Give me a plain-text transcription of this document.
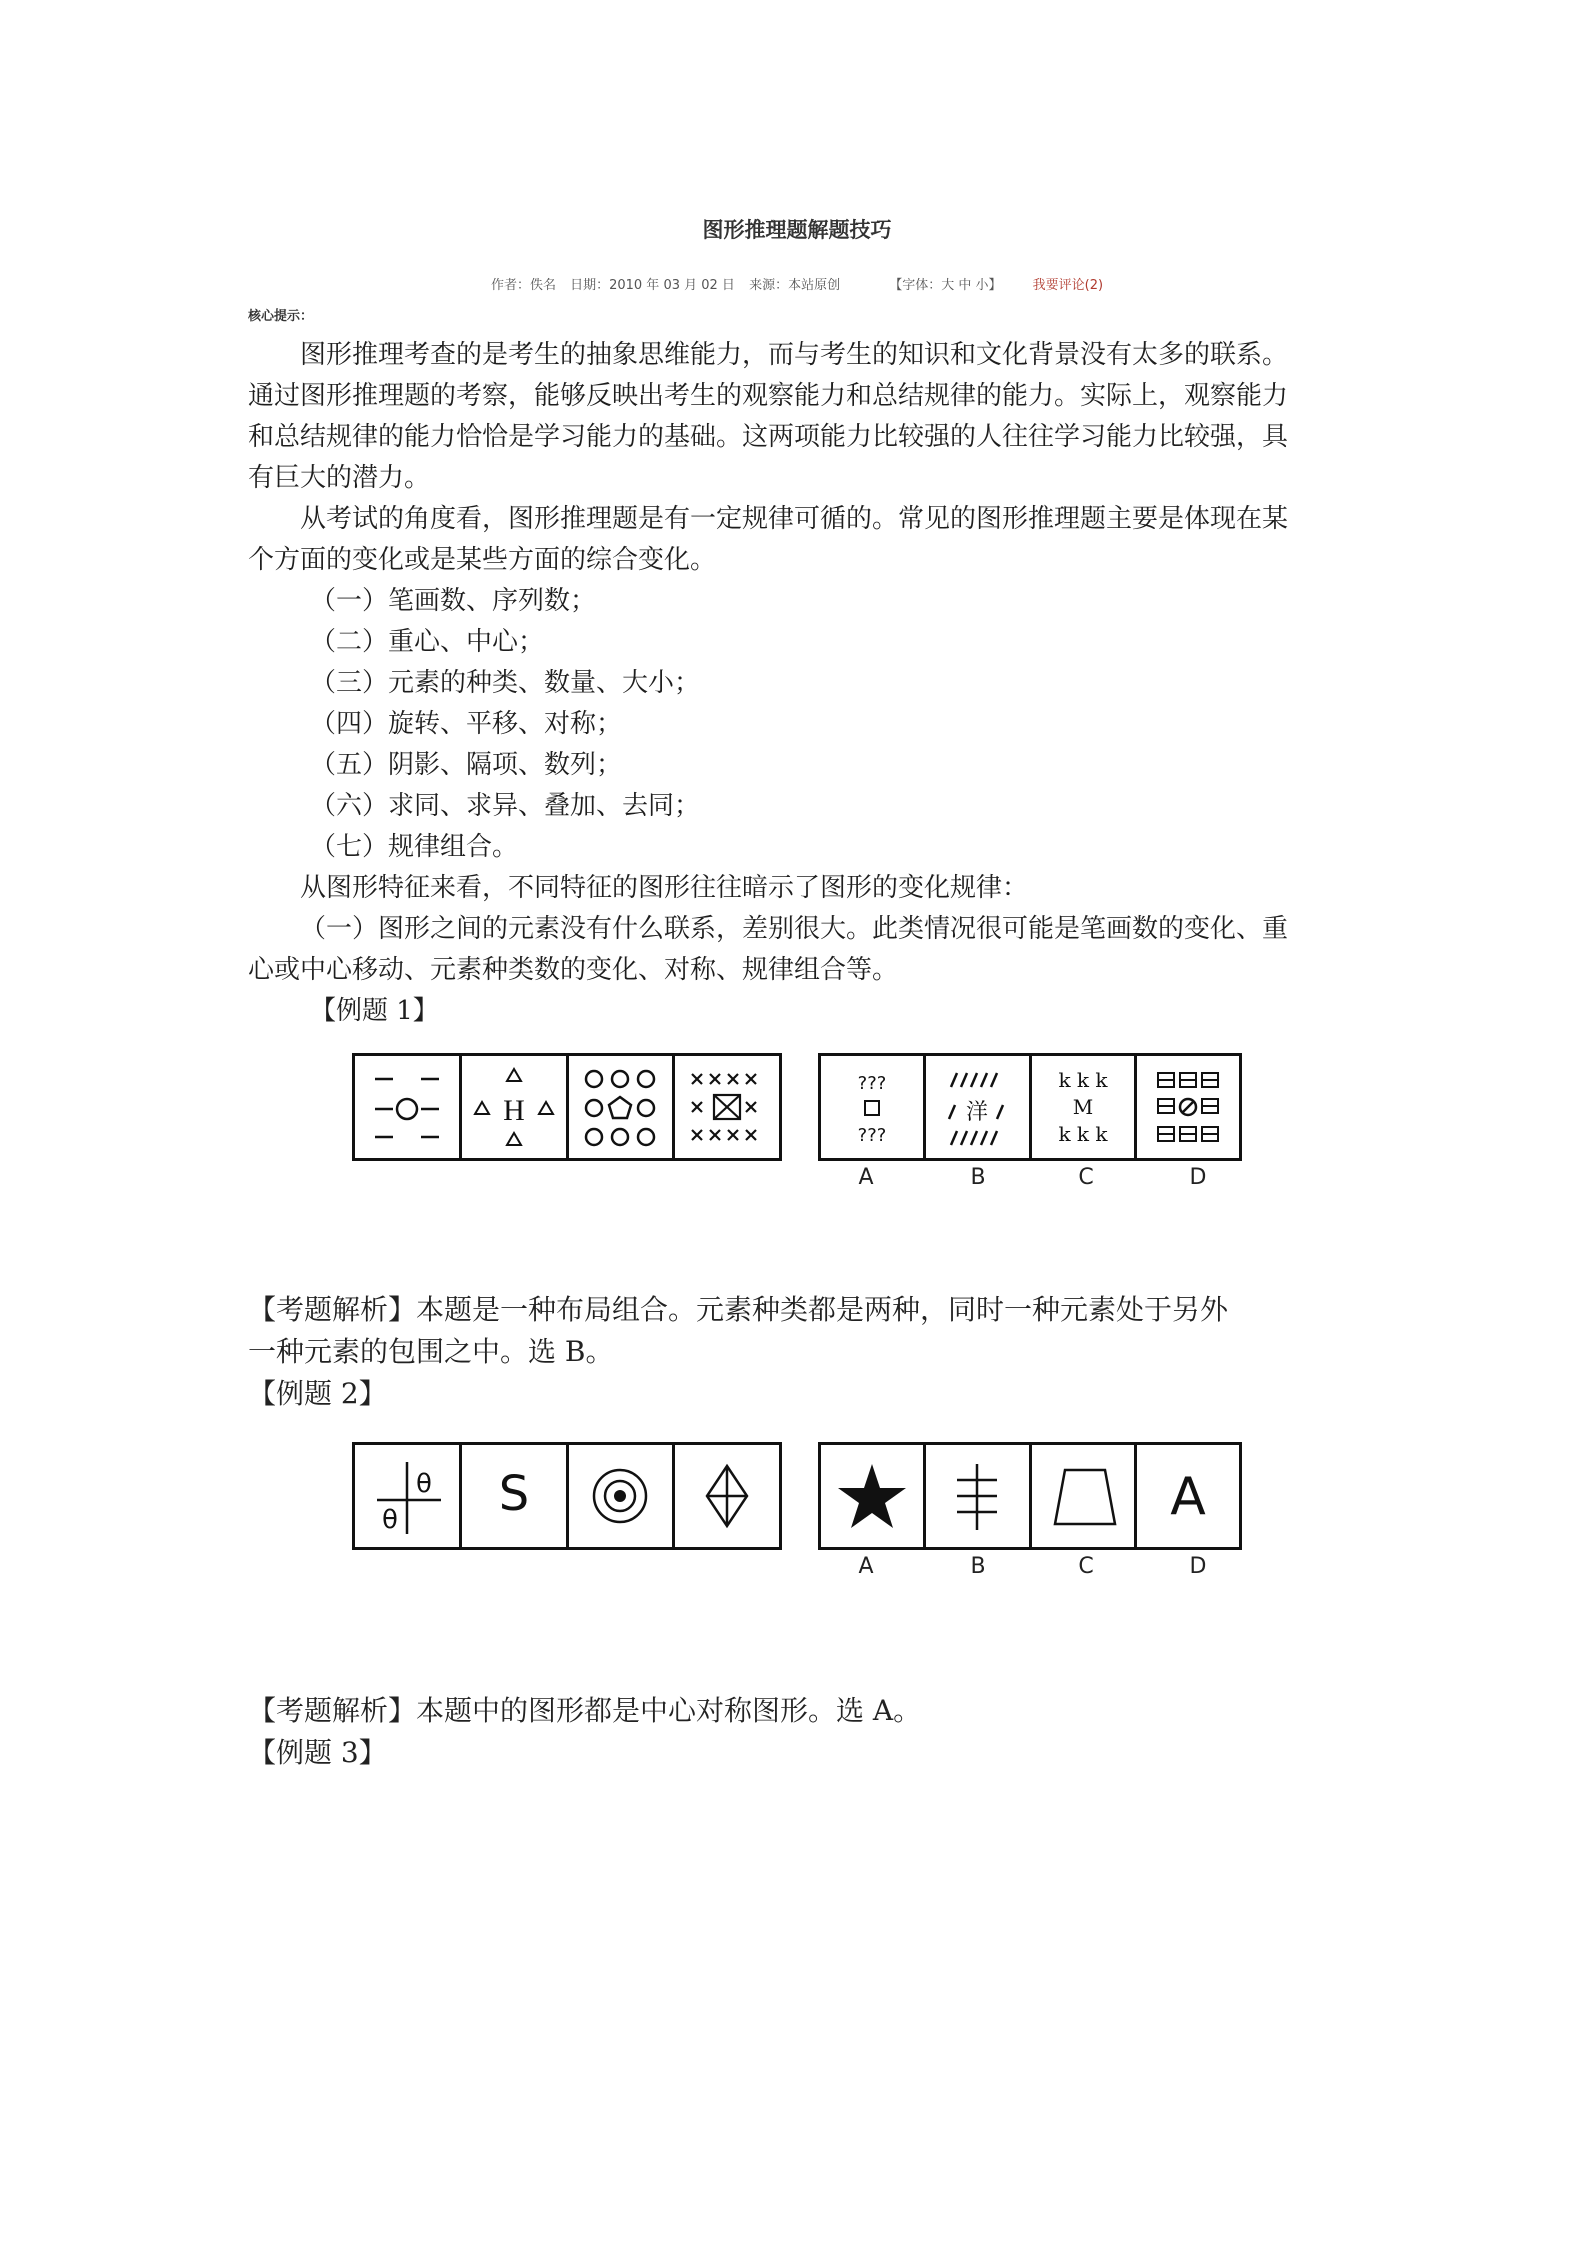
图形推理题解题技巧
作者：佚名 日期：2010 年 03 月 02 日 来源：本站原创	【字体：大 中 小】 我要评论(2)
核心提示：

图形推理考查的是考生的抽象思维能力，而与考生的知识和文化背景没有太多的联系。

通过图形推理题的考察，能够反映出考生的观察能力和总结规律的能力。实际上，观察能力

和总结规律的能力恰恰是学习能力的基础。这两项能力比较强的人往往学习能力比较强，具

有巨大的潜力。

从考试的角度看，图形推理题是有一定规律可循的。常见的图形推理题主要是体现在某

个方面的变化或是某些方面的综合变化。

（一）笔画数、序列数；

（二）重心、中心；

（三）元素的种类、数量、大小；

（四）旋转、平移、对称；

（五）阴影、隔项、数列；

（六）求同、求异、叠加、去同；

（七）规律组合。

从图形特征来看，不同特征的图形往往暗示了图形的变化规律：

（一）图形之间的元素没有什么联系，差别很大。此类情况很可能是笔画数的变化、重

心或中心移动、元素种类数的变化、对称、规律组合等。

【例题 1】

H
???
???
洋
k k k
M
k k k
A	B	C	D
【考题解析】本题是一种布局组合。元素种类都是两种，同时一种元素处于另外
一种元素的包围之中。选 B。
【例题 2】
θ
θ S	A
A	B	C	D
【考题解析】本题中的图形都是中心对称图形。选 A。
【例题 3】
